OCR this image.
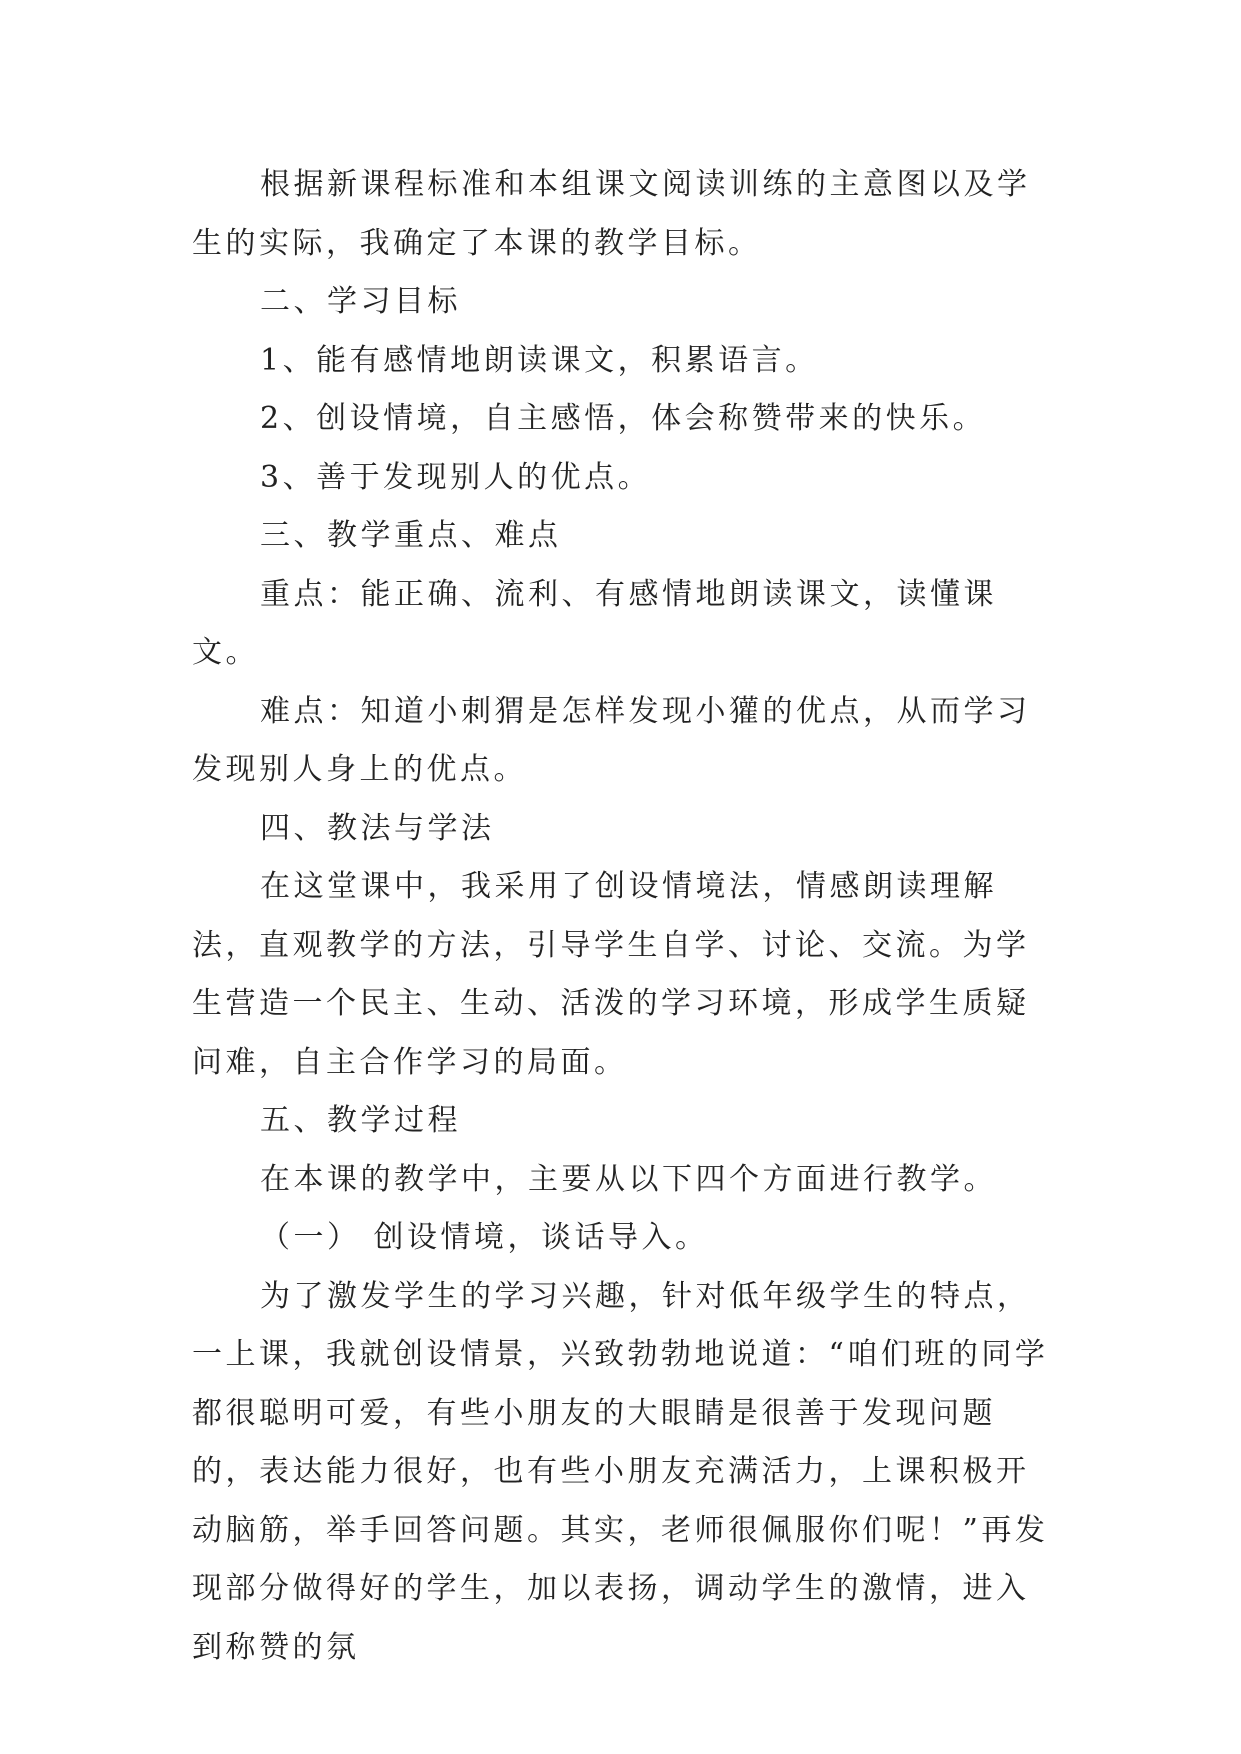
根据新课程标准和本组课文阅读训练的主意图以及学生的实际，我确定了本课的教学目标。

二、学习目标

1、能有感情地朗读课文，积累语言。

2、创设情境，自主感悟，体会称赞带来的快乐。

3、善于发现别人的优点。

三、教学重点、难点

重点：能正确、流利、有感情地朗读课文，读懂课文。

难点：知道小刺猬是怎样发现小獾的优点，从而学习发现别人身上的优点。

四、教法与学法

在这堂课中，我采用了创设情境法，情感朗读理解法，直观教学的方法，引导学生自学、讨论、交流。为学生营造一个民主、生动、活泼的学习环境，形成学生质疑问难，自主合作学习的局面。

五、教学过程

在本课的教学中，主要从以下四个方面进行教学。

（一） 创设情境，谈话导入。

为了激发学生的学习兴趣，针对低年级学生的特点，一上课，我就创设情景，兴致勃勃地说道：“咱们班的同学都很聪明可爱，有些小朋友的大眼睛是很善于发现问题的，表达能力很好，也有些小朋友充满活力，上课积极开动脑筋，举手回答问题。其实，老师很佩服你们呢！”再发现部分做得好的学生，加以表扬，调动学生的激情，进入到称赞的氛
